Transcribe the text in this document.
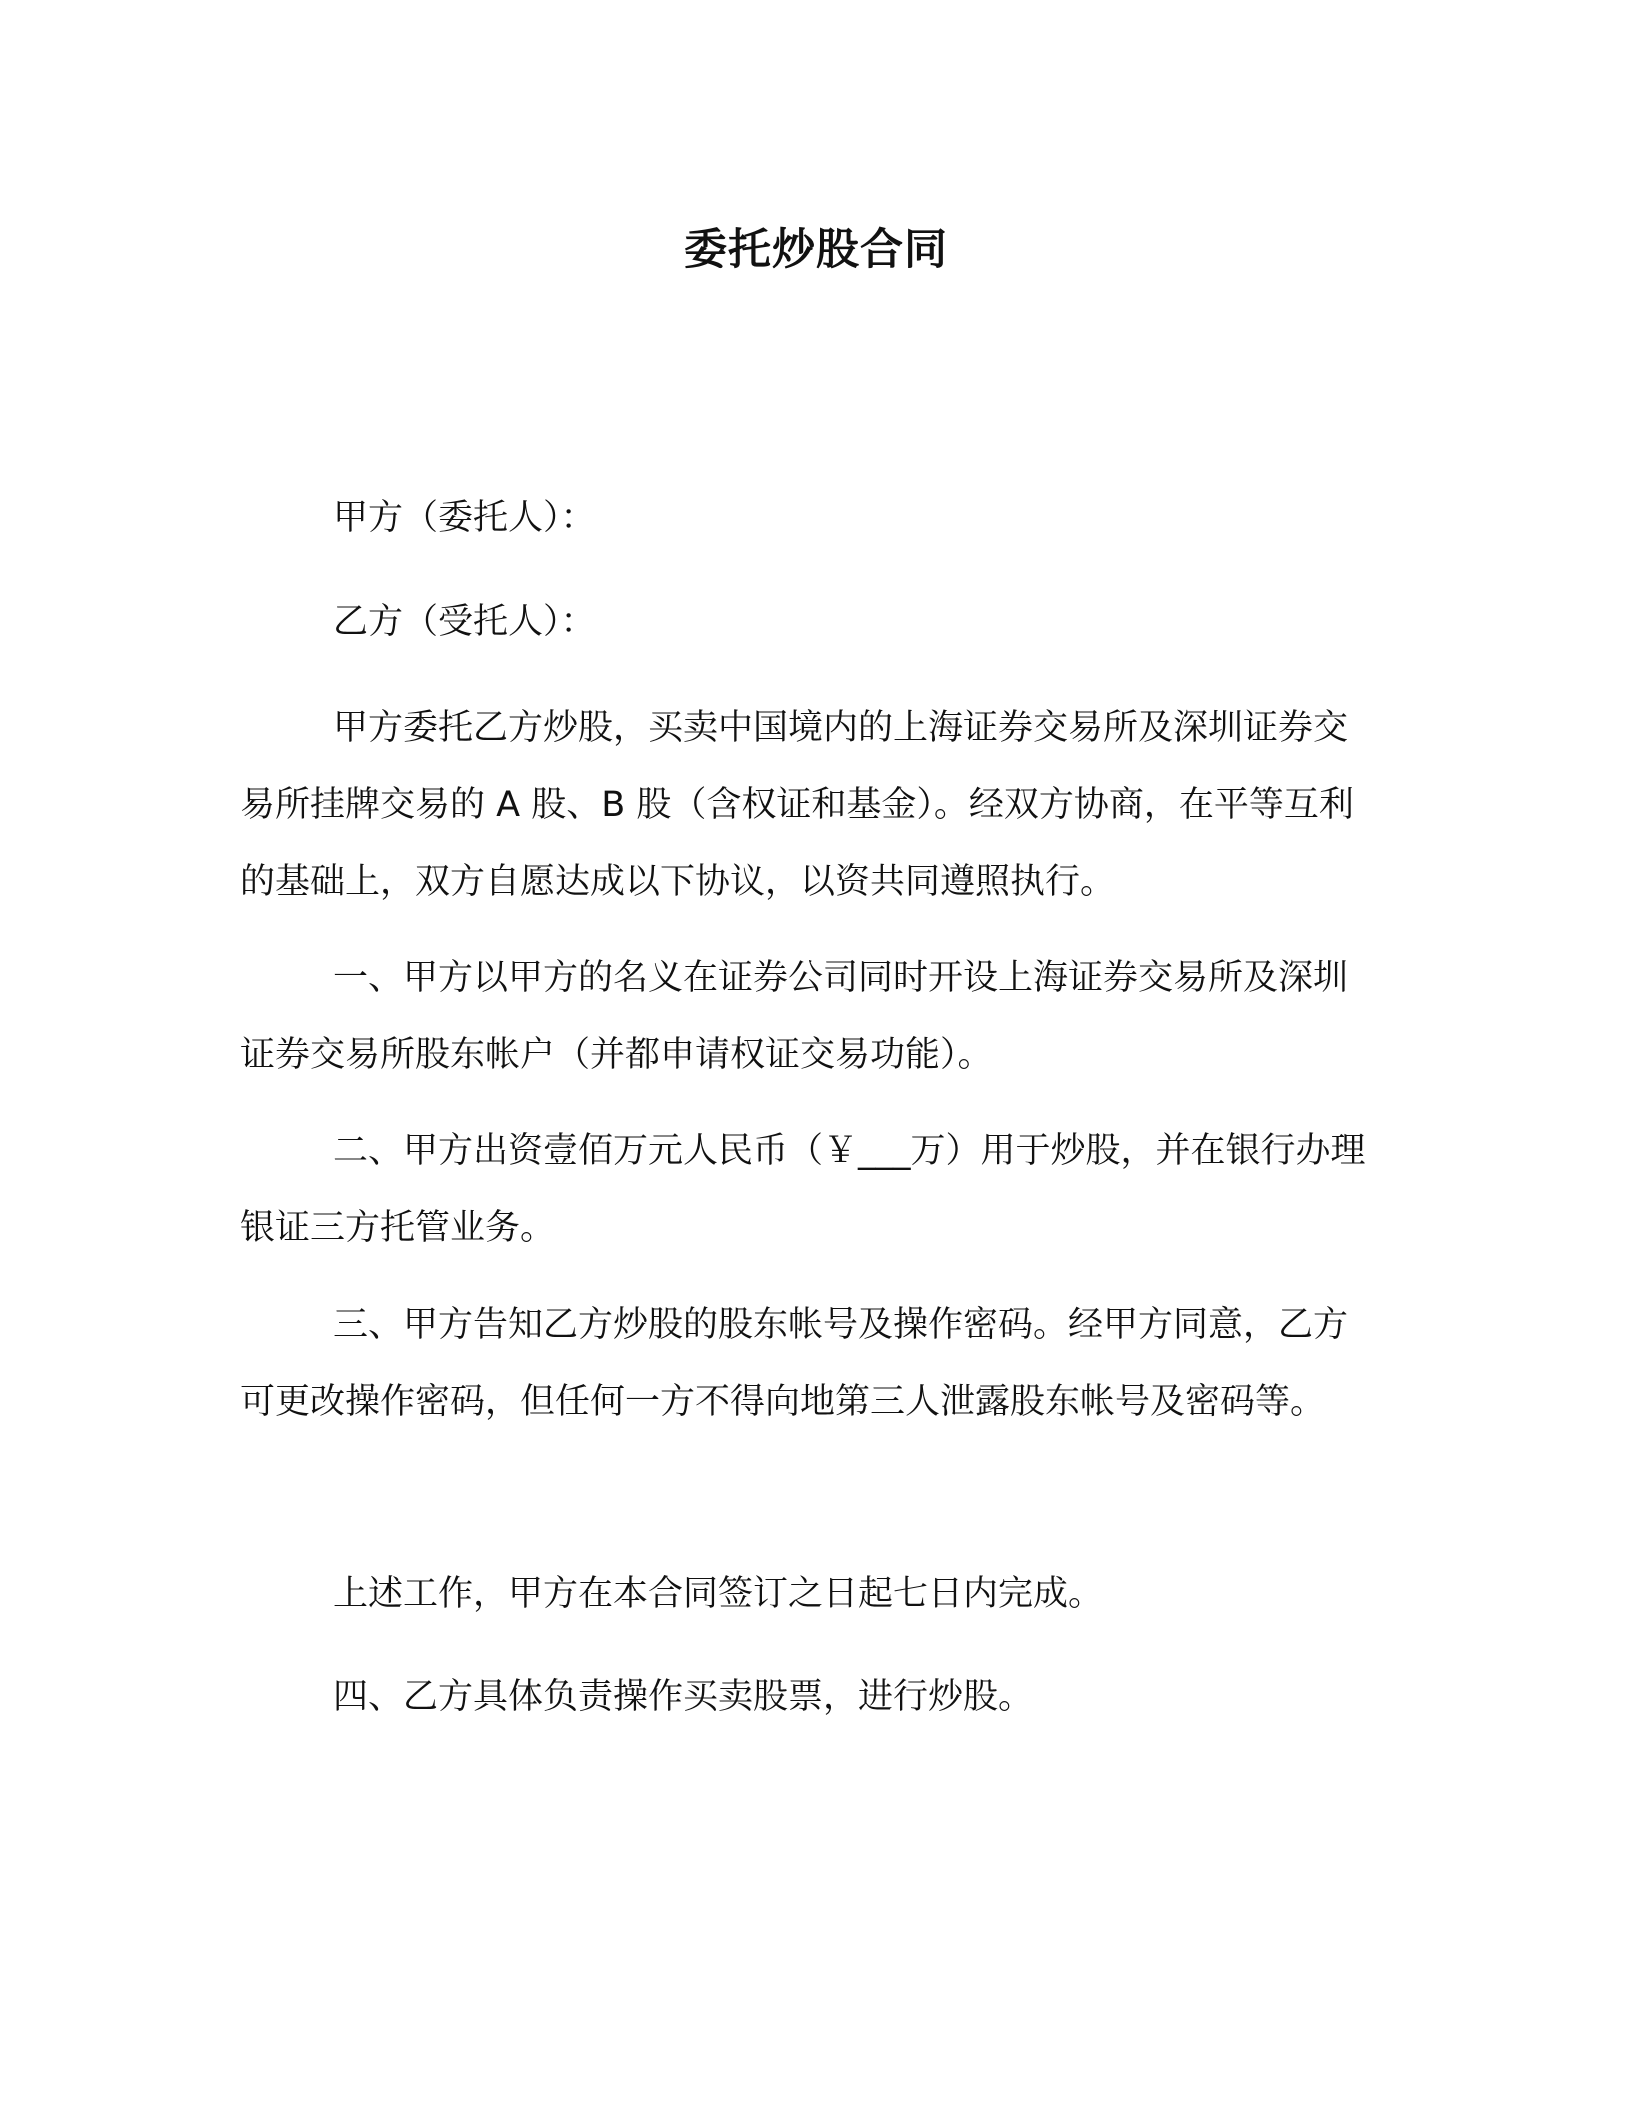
委托炒股合同
甲方（委托人）：
乙方（受托人）：
甲方委托乙方炒股，买卖中国境内的上海证券交易所及深圳证券交易所挂牌交易的 A 股、B 股（含权证和基金）。经双方协商，在平等互利的基础上，双方自愿达成以下协议，以资共同遵照执行。
一、甲方以甲方的名义在证券公司同时开设上海证券交易所及深圳证券交易所股东帐户（并都申请权证交易功能）。
二、甲方出资壹佰万元人民币（￥___万）用于炒股，并在银行办理银证三方托管业务。
三、甲方告知乙方炒股的股东帐号及操作密码。经甲方同意，乙方可更改操作密码，但任何一方不得向地第三人泄露股东帐号及密码等。
上述工作，甲方在本合同签订之日起七日内完成。
四、乙方具体负责操作买卖股票，进行炒股。
